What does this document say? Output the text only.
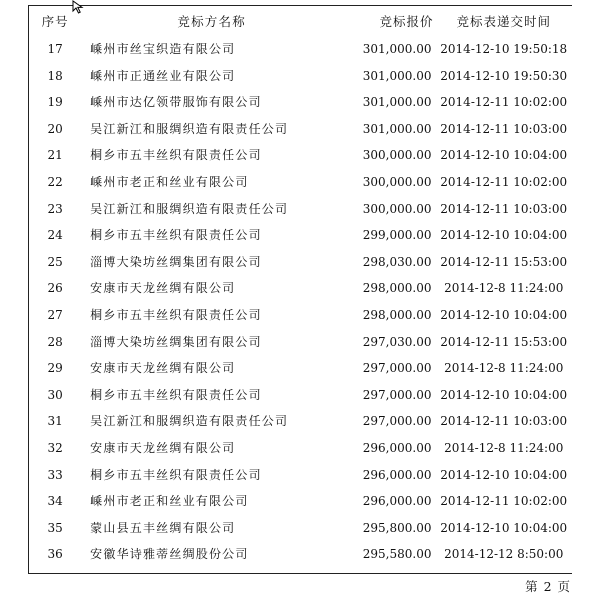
序号	竞标方名称	竞标报价	竞标表递交时间
17	嵊州市丝宝织造有限公司	301,000.00	2014-12-10 19:50:18
18	嵊州市正通丝业有限公司	301,000.00	2014-12-10 19:50:30
19	嵊州市达亿领带服饰有限公司	301,000.00	2014-12-11 10:02:00
20	吴江新江和服绸织造有限责任公司	301,000.00	2014-12-11 10:03:00
21	桐乡市五丰丝织有限责任公司	300,000.00	2014-12-10 10:04:00
22	嵊州市老正和丝业有限公司	300,000.00	2014-12-11 10:02:00
23	吴江新江和服绸织造有限责任公司	300,000.00	2014-12-11 10:03:00
24	桐乡市五丰丝织有限责任公司	299,000.00	2014-12-10 10:04:00
25	淄博大染坊丝绸集团有限公司	298,030.00	2014-12-11 15:53:00
26	安康市天龙丝绸有限公司	298,000.00	2014-12-8 11:24:00
27	桐乡市五丰丝织有限责任公司	298,000.00	2014-12-10 10:04:00
28	淄博大染坊丝绸集团有限公司	297,030.00	2014-12-11 15:53:00
29	安康市天龙丝绸有限公司	297,000.00	2014-12-8 11:24:00
30	桐乡市五丰丝织有限责任公司	297,000.00	2014-12-10 10:04:00
31	吴江新江和服绸织造有限责任公司	297,000.00	2014-12-11 10:03:00
32	安康市天龙丝绸有限公司	296,000.00	2014-12-8 11:24:00
33	桐乡市五丰丝织有限责任公司	296,000.00	2014-12-10 10:04:00
34	嵊州市老正和丝业有限公司	296,000.00	2014-12-11 10:02:00
35	蒙山县五丰丝绸有限公司	295,800.00	2014-12-10 10:04:00
36	安徽华诗雅蒂丝绸股份公司	295,580.00	2014-12-12 8:50:00
第 2 页
